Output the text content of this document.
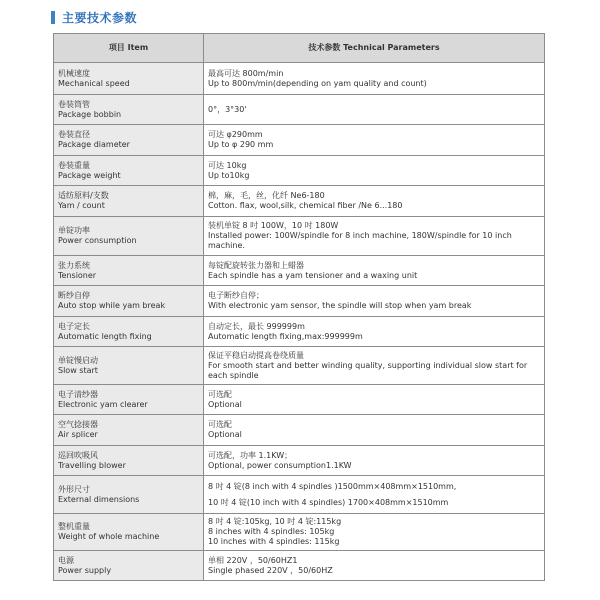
主要技术参数
项目 Item	技术参数 Technical Parameters

机械速度
Mechanical speed	最高可达 800m/min
Up to 800m/min(depending on yam quality and count)

卷装筒管
Package bobbin	0°，3°30'

卷装直径
Package diameter	可达 φ290mm
Up to φ 290 mm

卷装重量
Package weight	可达 10kg
Up to10kg

适纺原料/支数
Yam / count	棉，麻，毛，丝，化纤 Ne6-180
Cotton. flax, wool,silk, chemical fiber /Ne 6...180

单锭功率
Power consumption	装机单锭 8 吋 100W，10 吋 180W
Installed power: 100W/spindle for 8 inch machine, 180W/spindle for 10 inch machine.

张力系统
Tensioner	每锭配旋转张力器和上蜡器
Each spindle has a yam tensioner and a waxing unit

断纱自停
Auto stop while yam break	电子断纱自停；
With electronic yam sensor, the spindle will stop when yam break

电子定长
Automatic length fixing	自动定长，最长 999999m
Automatic length fixing,max:999999m

单锭慢启动
Slow start	保证平稳启动提高卷绕质量
For smooth start and better winding quality, supporting individual slow start for each spindle

电子清纱器
Electronic yam clearer	可选配
Optional

空气捻接器
Air splicer	可选配
Optional

巡回吹吸风
Travelling blower	可选配，功率 1.1KW；
Optional, power consumption1.1KW

外形尺寸
External dimensions	8 吋 4 锭(8 inch with 4 spindles )1500mm×408mm×1510mm,
10 吋 4 锭(10 inch with 4 spindles) 1700×408mm×1510mm

整机重量
Weight of whole machine	8 吋 4 锭:105kg, 10 吋 4 锭:115kg
8 inches with 4 spindles: 105kg
10 inches with 4 spindles: 115kg

电源
Power supply	单相 220V ，50/60HZ1
Single phased 220V ，50/60HZ
